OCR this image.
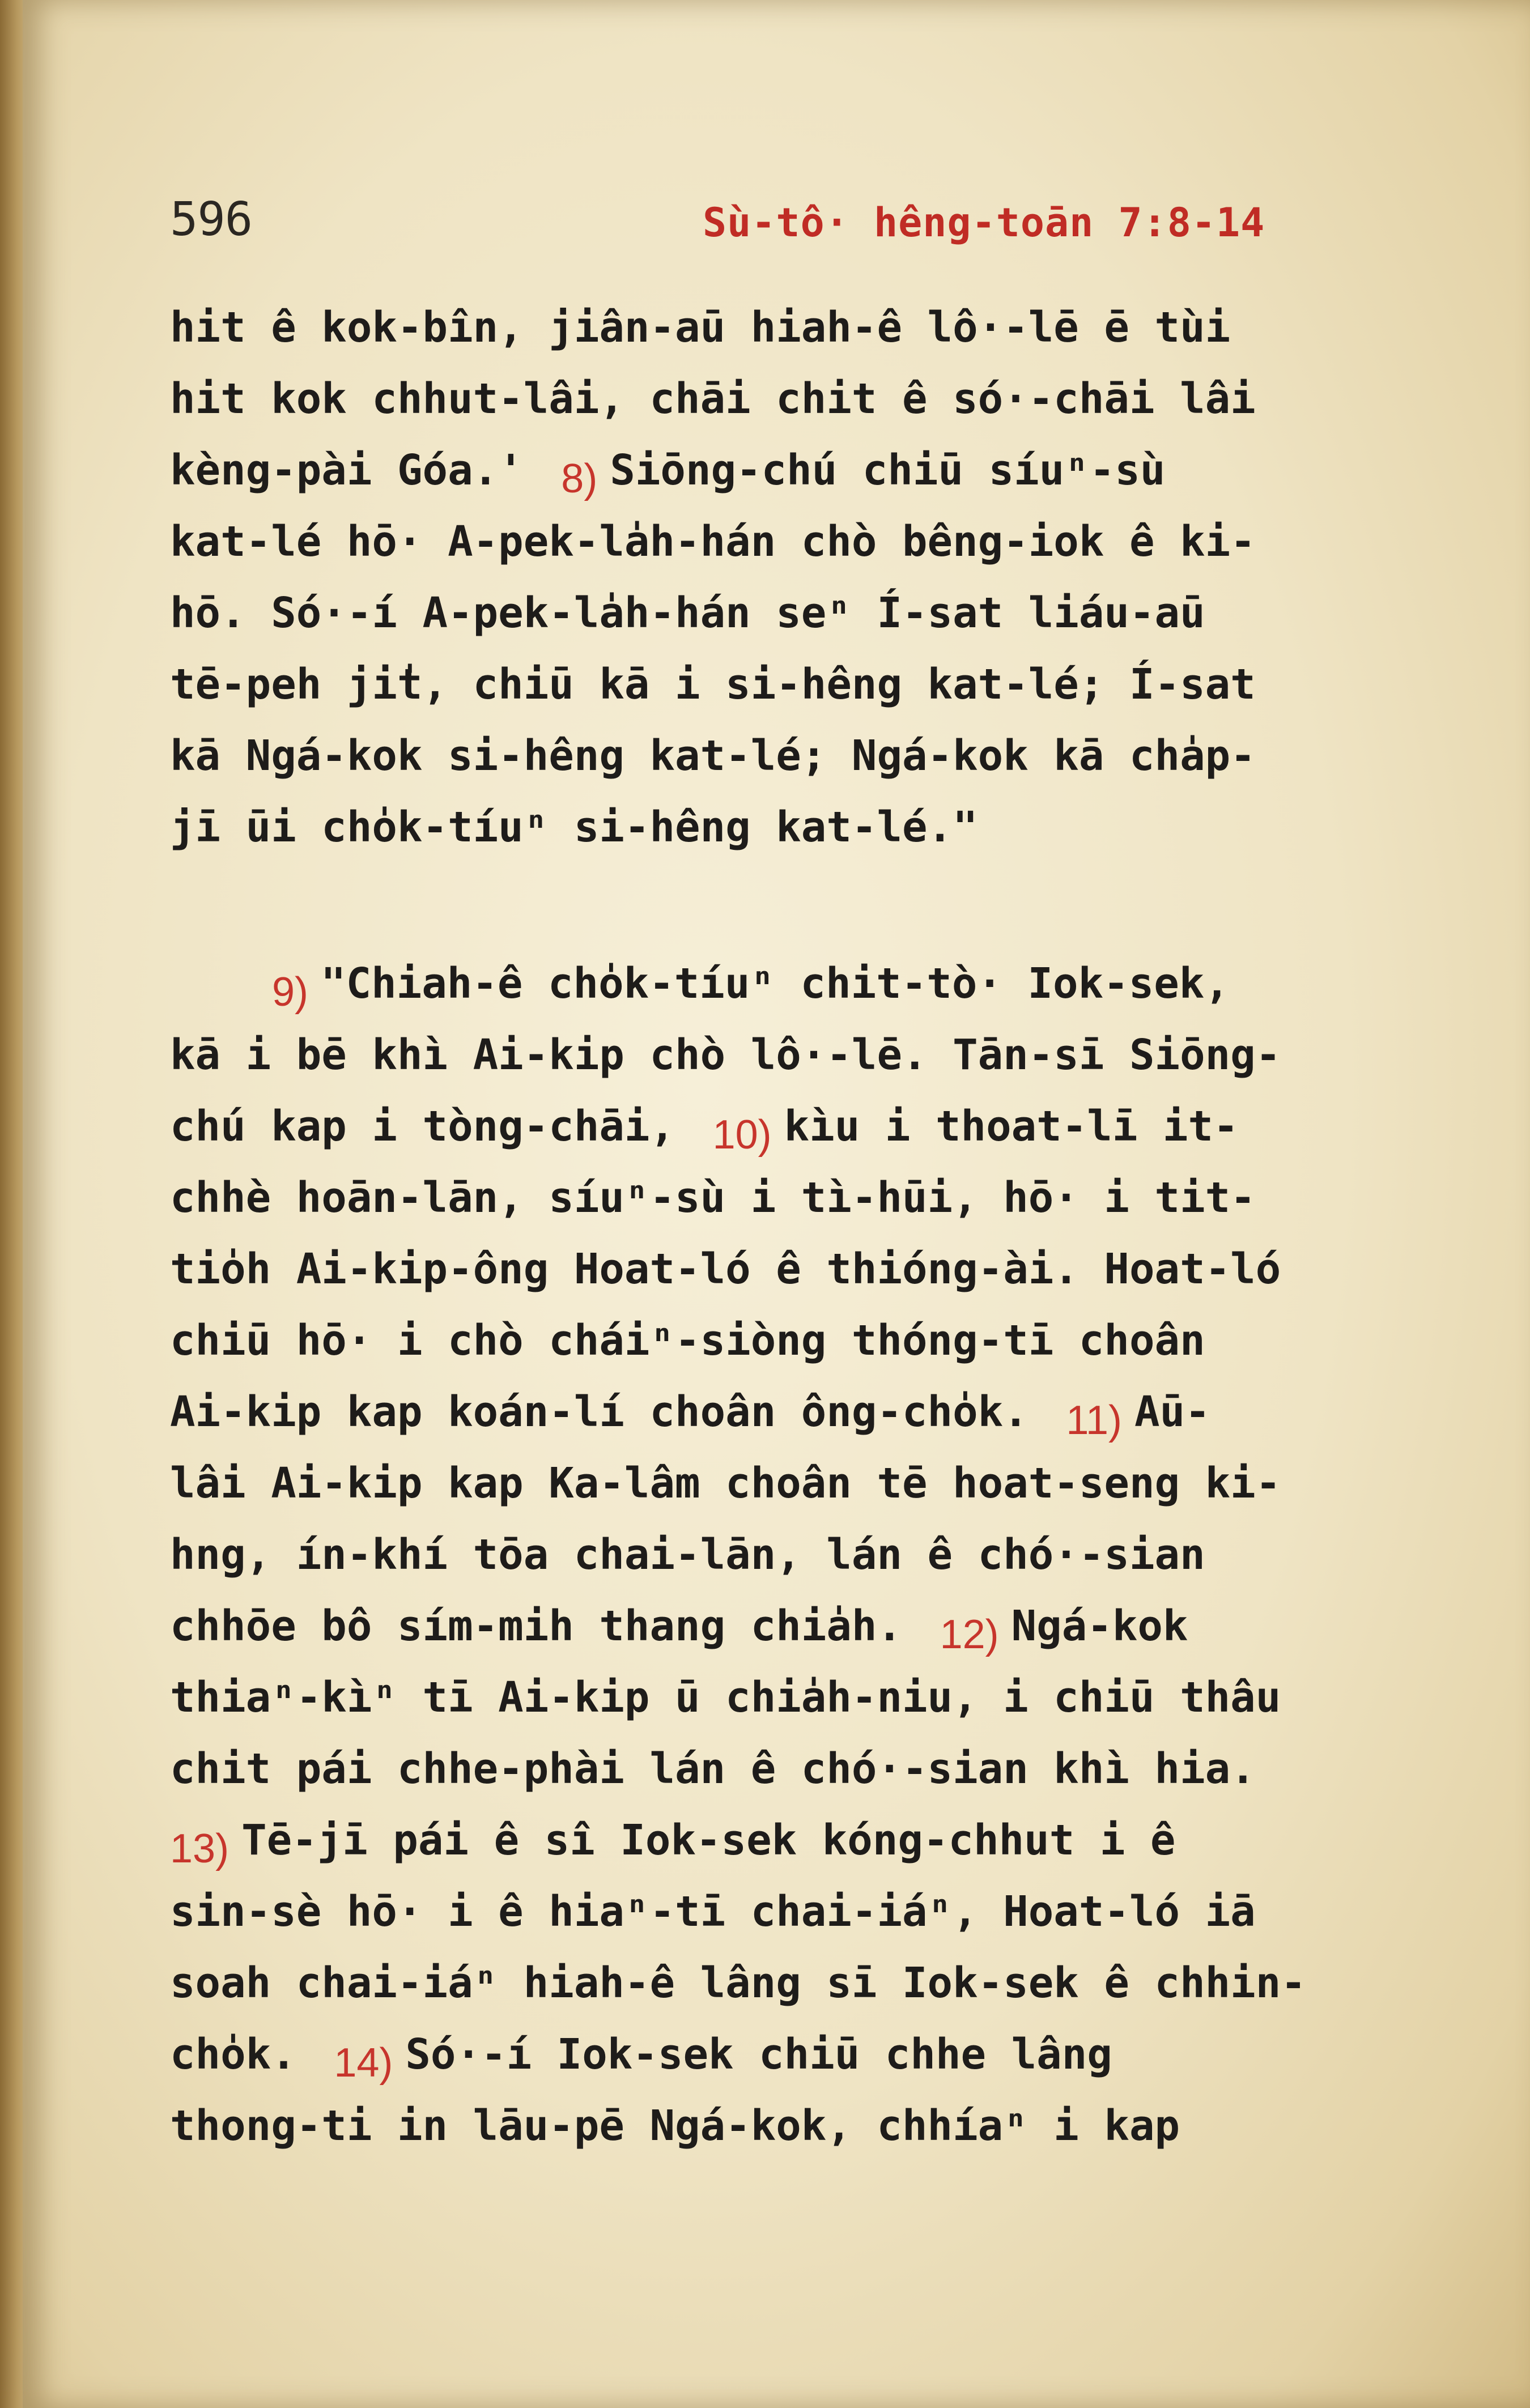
596	Sù-tô· hêng-toān 7:8-14
hit ê kok-bîn, jiân-aū hiah-ê lô·-lē ē tùi
hit kok chhut-lâi, chāi chit ê só·-chāi lâi
kèng-pài Góa.' 8) Siōng-chú chiū síuⁿ-sù
kat-lé hō· A-pek-la̍h-hán chò bêng-iok ê ki-
hō. Só·-í A-pek-la̍h-hán seⁿ Í-sat liáu-aū
tē-peh ji̍t, chiū kā i si-hêng kat-lé; Í-sat
kā Ngá-kok si-hêng kat-lé; Ngá-kok kā cha̍p-
jī ūi cho̍k-tíuⁿ si-hêng kat-lé."
9) "Chiah-ê cho̍k-tíuⁿ chit-tò· Iok-sek,
kā i bē khì Ai-kip chò lô·-lē. Tān-sī Siōng-
chú kap i tòng-chāi, 10) kìu i thoat-lī it-
chhè hoān-lān, síuⁿ-sù i tì-hūi, hō· i tit-
tio̍h Ai-kip-ông Hoat-ló ê thióng-ài. Hoat-ló
chiū hō· i chò cháiⁿ-siòng thóng-tī choân
Ai-kip kap koán-lí choân ông-cho̍k. 11) Aū-
lâi Ai-kip kap Ka-lâm choân tē hoat-seng ki-
hng, ín-khí tōa chai-lān, lán ê chó·-sian
chhōe bô sím-mih thang chia̍h. 12) Ngá-kok
thiaⁿ-kìⁿ tī Ai-kip ū chia̍h-niu, i chiū thâu
chit pái chhe-phài lán ê chó·-sian khì hia.
13) Tē-jī pái ê sî Iok-sek kóng-chhut i ê
sin-sè hō· i ê hiaⁿ-tī chai-iáⁿ, Hoat-ló iā
soah chai-iáⁿ hiah-ê lâng sī Iok-sek ê chhin-
cho̍k. 14) Só·-í Iok-sek chiū chhe lâng
thong-ti in lāu-pē Ngá-kok, chhíaⁿ i kap
